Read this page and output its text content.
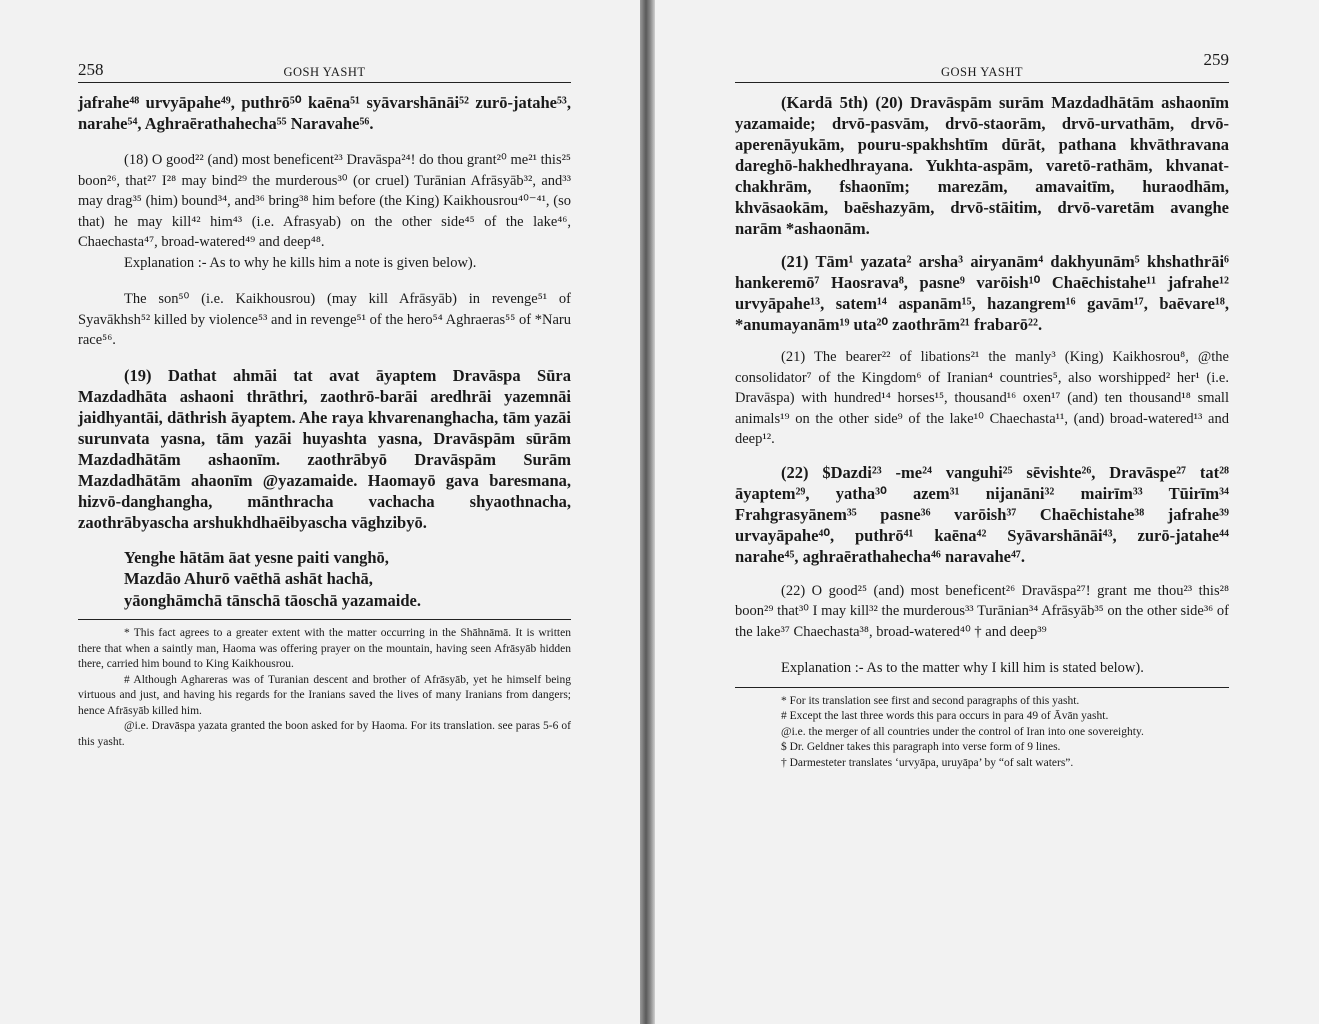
258	GOSH YASHT

jafrahe⁴⁸ urvyāpahe⁴⁹, puthrō⁵⁰ kaēna⁵¹ syāvarshānāi⁵² zurō-jatahe⁵³, narahe⁵⁴, Aghraērathahecha⁵⁵ Naravahe⁵⁶.

(18) O good²² (and) most beneficent²³ Dravāspa²⁴! do thou grant²⁰ me²¹ this²⁵ boon²⁶, that²⁷ I²⁸ may bind²⁹ the murderous³⁰ (or cruel) Turānian Afrāsyāb³², and³³ may drag³⁵ (him) bound³⁴, and³⁶ bring³⁸ him before (the King) Kaikhousrou⁴⁰⁻⁴¹, (so that) he may kill⁴² him⁴³ (i.e. Afrasyab) on the other side⁴⁵ of the lake⁴⁶, Chaechasta⁴⁷, broad-watered⁴⁹ and deep⁴⁸.

Explanation :- As to why he kills him a note is given below).

The son⁵⁰ (i.e. Kaikhousrou) (may kill Afrāsyāb) in revenge⁵¹ of Syavākhsh⁵² killed by violence⁵³ and in revenge⁵¹ of the hero⁵⁴ Aghraeras⁵⁵ of *Naru race⁵⁶.

(19) Dathat ahmāi tat avat āyaptem Dravāspa Sūra Mazdadhāta ashaoni thrāthri, zaothrō-barāi aredhrāi yazemnāi jaidhyantāi, dāthrish āyaptem. Ahe raya khvarenanghacha, tām yazāi surunvata yasna, tām yazāi huyashta yasna, Dravāspām sūrām Mazdadhātām ashaonīm. zaothrābyō Dravāspām Surām Mazdadhātām ahaonīm @yazamaide. Haomayō gava baresmana, hizvō-danghangha, mānthracha vachacha shyaothnacha, zaothrābyascha arshukhdhaēibyascha vāghzibyō.

Yenghe hātām āat yesne paiti vanghō,
Mazdāo Ahurō vaēthā ashāt hachā,
yāonghāmchā tānschā tāoschā yazamaide.

* This fact agrees to a greater extent with the matter occurring in the Shāhnāmā. It is written there that when a saintly man, Haoma was offering prayer on the mountain, having seen Afrāsyāb hidden there, carried him bound to King Kaikhousrou.

# Although Aghareras was of Turanian descent and brother of Afrāsyāb, yet he himself being virtuous and just, and having his regards for the Iranians saved the lives of many Iranians from dangers; hence Afrāsyāb killed him.

@i.e. Dravāspa yazata granted the boon asked for by Haoma. For its translation. see paras 5-6 of this yasht.

259
GOSH YASHT

(Kardā 5th) (20) Dravāspām surām Mazdadhātām ashaonīm yazamaide; drvō-pasvām, drvō-staorām, drvō-urvathām, drvō-aperenāyukām, pouru-spakhshtīm dūrāt, pathana khvāthravana dareghō-hakhedhrayana. Yukhta-aspām, varetō-rathām, khvanat-chakhrām, fshaonīm; marezām, amavaitīm, huraodhām, khvāsaokām, baēshazyām, drvō-stāitim, drvō-varetām avanghe narām *ashaonām.

(21) Tām¹ yazata² arsha³ airyanām⁴ dakhyunām⁵ khshathrāi⁶ hankeremō⁷ Haosrava⁸, pasne⁹ varōish¹⁰ Chaēchistahe¹¹ jafrahe¹² urvyāpahe¹³, satem¹⁴ aspanām¹⁵, hazangrem¹⁶ gavām¹⁷, baēvare¹⁸, *anumayanām¹⁹ uta²⁰ zaothrām²¹ frabarō²².

(21) The bearer²² of libations²¹ the manly³ (King) Kaikhosrou⁸, @the consolidator⁷ of the Kingdom⁶ of Iranian⁴ countries⁵, also worshipped² her¹ (i.e. Dravāspa) with hundred¹⁴ horses¹⁵, thousand¹⁶ oxen¹⁷ (and) ten thousand¹⁸ small animals¹⁹ on the other side⁹ of the lake¹⁰ Chaechasta¹¹, (and) broad-watered¹³ and deep¹².

(22) $Dazdi²³ -me²⁴ vanguhi²⁵ sēvishte²⁶, Dravāspe²⁷ tat²⁸ āyaptem²⁹, yatha³⁰ azem³¹ nijanāni³² mairīm³³ Tūirīm³⁴ Frahgrasyānem³⁵ pasne³⁶ varōish³⁷ Chaēchistahe³⁸ jafrahe³⁹ urvayāpahe⁴⁰, puthrō⁴¹ kaēna⁴² Syāvarshānāi⁴³, zurō-jatahe⁴⁴ narahe⁴⁵, aghraērathahecha⁴⁶ naravahe⁴⁷.

(22) O good²⁵ (and) most beneficent²⁶ Dravāspa²⁷! grant me thou²³ this²⁸ boon²⁹ that³⁰ I may kill³² the murderous³³ Turānian³⁴ Afrāsyāb³⁵ on the other side³⁶ of the lake³⁷ Chaechasta³⁸, broad-watered⁴⁰ † and deep³⁹

Explanation :- As to the matter why I kill him is stated below).

* For its translation see first and second paragraphs of this yasht.

# Except the last three words this para occurs in para 49 of Āvān yasht.

@i.e. the merger of all countries under the control of Iran into one sovereighty.

$ Dr. Geldner takes this paragraph into verse form of 9 lines.

† Darmesteter translates ‘urvyāpa, uruyāpa’ by “of salt waters”.
